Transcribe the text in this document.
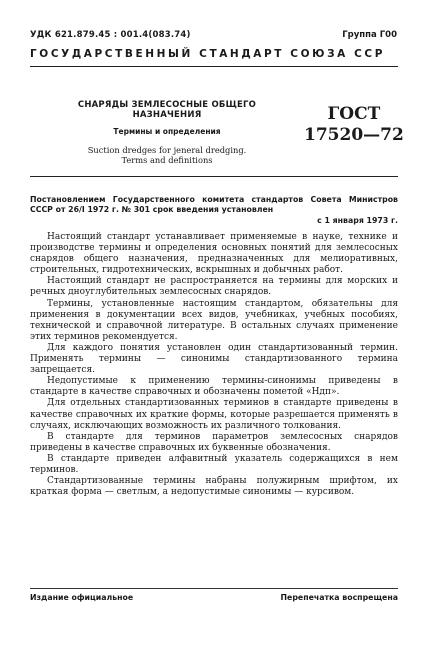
УДК 621.879.45 : 001.4(083.74)	Группа Г00
ГОСУДАРСТВЕННЫЙ СТАНДАРТ СОЮЗА ССР
СНАРЯДЫ ЗЕМЛЕСОСНЫЕ ОБЩЕГО НАЗНАЧЕНИЯ
Термины и определения
Suction dredges for jeneral dredging.
Terms and definitions
ГОСТ
17520—72
Постановлением Государственного комитета стандартов Совета Министров СССР от 26/I 1972 г. № 301 срок введения установлен
с 1 января 1973 г.

Настоящий стандарт устанавливает применяемые в науке, технике и производстве термины и определения основных понятий для землесосных снарядов общего назначения, предназначенных для мелиоративных, строительных, гидротехнических, вскрышных и добычных работ.

Настоящий стандарт не распространяется на термины для морских и речных дноуглубительных землесосных снарядов.

Термины, установленные настоящим стандартом, обязательны для применения в документации всех видов, учебниках, учебных пособиях, технической и справочной литературе. В остальных случаях применение этих терминов рекомендуется.

Для каждого понятия установлен один стандартизованный термин. Применять термины — синонимы стандартизованного термина запрещается.

Недопустимые к применению термины-синонимы приведены в стандарте в качестве справочных и обозначены пометой «Ндп».

Для отдельных стандартизованных терминов в стандарте приведены в качестве справочных их краткие формы, которые разрешается применять в случаях, исключающих возможность их различного толкования.

В стандарте для терминов параметров землесосных снарядов приведены в качестве справочных их буквенные обозначения.

В стандарте приведен алфавитный указатель содержащихся в нем терминов.

Стандартизованные термины набраны полужирным шрифтом, их краткая форма — светлым, а недопустимые синонимы — курсивом.

Издание официальное	Перепечатка воспрещена
